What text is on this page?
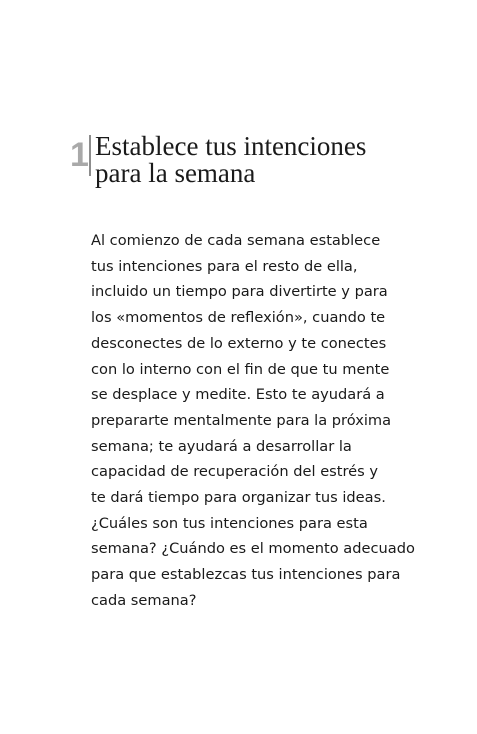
1 Establece tus intenciones
para la semana

Al comienzo de cada semana establece
tus intenciones para el resto de ella,
incluido un tiempo para divertirte y para
los «momentos de reflexión», cuando te
desconectes de lo externo y te conectes
con lo interno con el fin de que tu mente
se desplace y medite. Esto te ayudará a
prepararte mentalmente para la próxima
semana; te ayudará a desarrollar la
capacidad de recuperación del estrés y
te dará tiempo para organizar tus ideas.
¿Cuáles son tus intenciones para esta
semana? ¿Cuándo es el momento adecuado
para que establezcas tus intenciones para
cada semana?
